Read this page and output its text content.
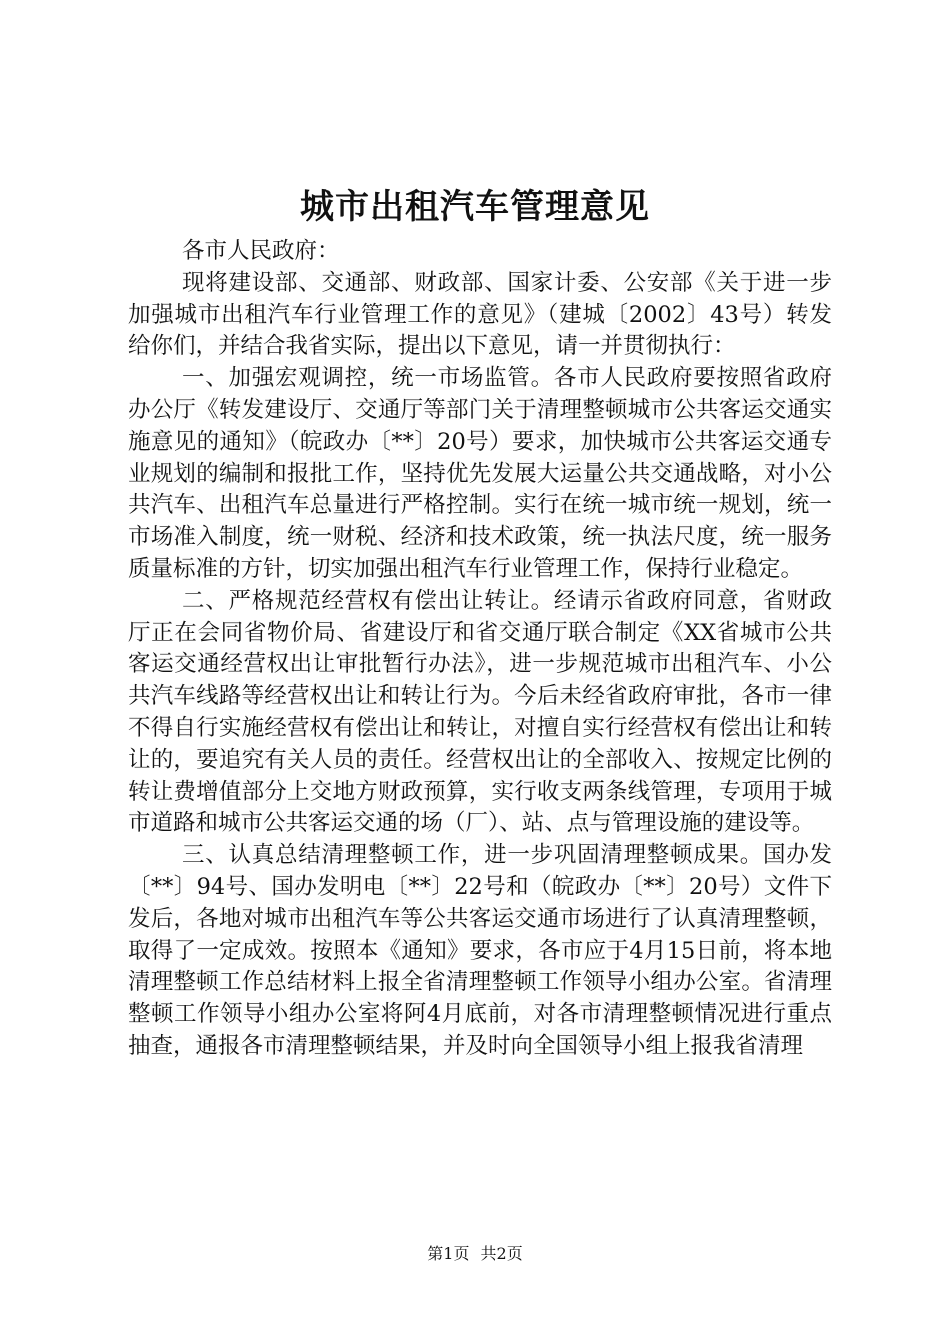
城市出租汽车管理意见

各市人民政府：

现将建设部、交通部、财政部、国家计委、公安部《关于进一步加强城市出租汽车行业管理工作的意见》（建城〔2002〕43号）转发给你们，并结合我省实际，提出以下意见，请一并贯彻执行：

一、加强宏观调控，统一市场监管。各市人民政府要按照省政府办公厅《转发建设厅、交通厅等部门关于清理整顿城市公共客运交通实施意见的通知》（皖政办〔**〕20号）要求，加快城市公共客运交通专业规划的编制和报批工作，坚持优先发展大运量公共交通战略，对小公共汽车、出租汽车总量进行严格控制。实行在统一城市统一规划，统一市场准入制度，统一财税、经济和技术政策，统一执法尺度，统一服务质量标准的方针，切实加强出租汽车行业管理工作，保持行业稳定。

二、严格规范经营权有偿出让转让。经请示省政府同意，省财政厅正在会同省物价局、省建设厅和省交通厅联合制定《XX省城市公共客运交通经营权出让审批暂行办法》，进一步规范城市出租汽车、小公共汽车线路等经营权出让和转让行为。今后未经省政府审批，各市一律不得自行实施经营权有偿出让和转让，对擅自实行经营权有偿出让和转让的，要追究有关人员的责任。经营权出让的全部收入、按规定比例的转让费增值部分上交地方财政预算，实行收支两条线管理，专项用于城市道路和城市公共客运交通的场（厂）、站、点与管理设施的建设等。

三、认真总结清理整顿工作，进一步巩固清理整顿成果。国办发〔**〕94号、国办发明电〔**〕22号和（皖政办〔**〕20号）文件下发后，各地对城市出租汽车等公共客运交通市场进行了认真清理整顿，取得了一定成效。按照本《通知》要求，各市应于4月15日前，将本地清理整顿工作总结材料上报全省清理整顿工作领导小组办公室。省清理整顿工作领导小组办公室将阿4月底前，对各市清理整顿情况进行重点抽查，通报各市清理整顿结果，并及时向全国领导小组上报我省清理

第1页 共2页
